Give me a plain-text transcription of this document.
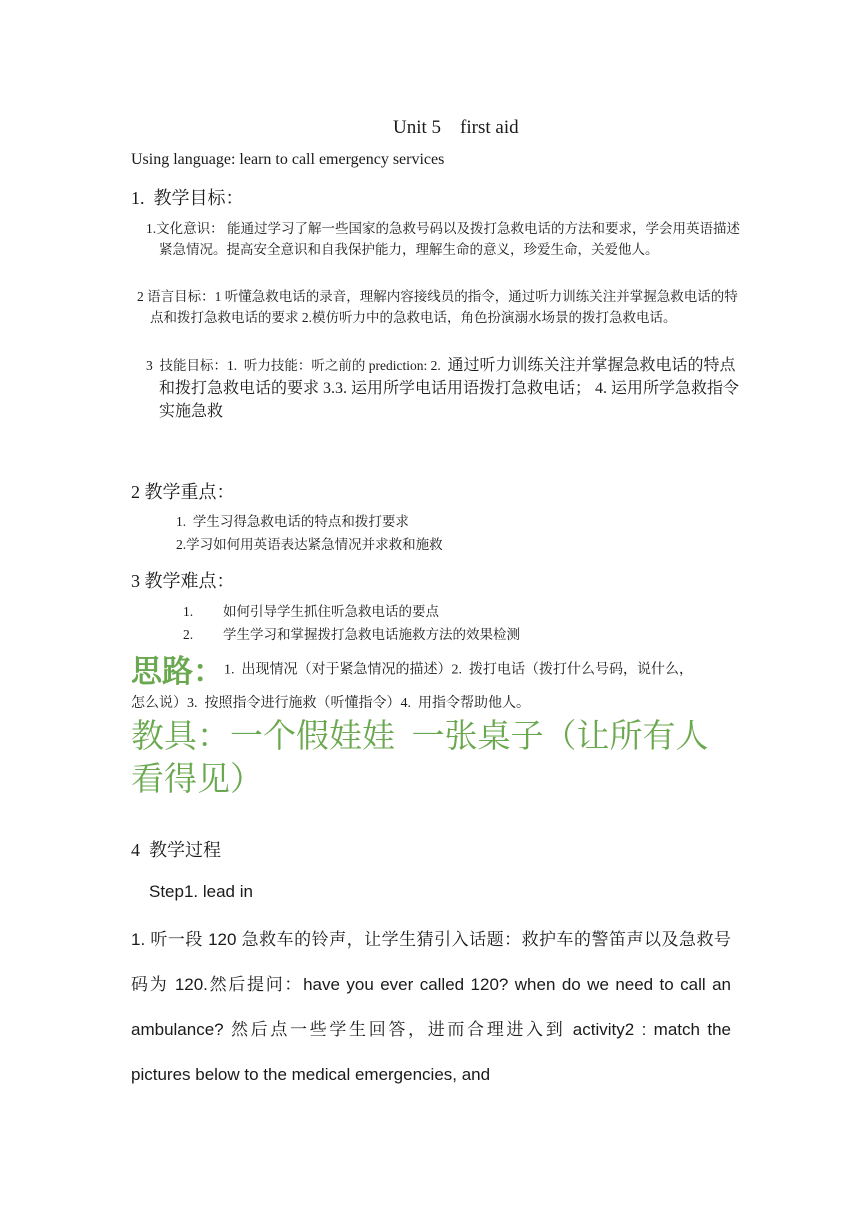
Unit 5    first aid
Using language: learn to call emergency services
1.  教学目标：
1.文化意识： 能通过学习了解一些国家的急救号码以及拨打急救电话的方法和要求，学会用英语描述紧急情况。提高安全意识和自我保护能力，理解生命的意义，珍爱生命，关爱他人。
2 语言目标：1 听懂急救电话的录音，理解内容接线员的指令，通过听力训练关注并掌握急救电话的特点和拨打急救电话的要求 2.模仿听力中的急救电话，角色扮演溺水场景的拨打急救电话。
3  技能目标：1.  听力技能：听之前的 prediction: 2.  通过听力训练关注并掌握急救电话的特点和拨打急救电话的要求 3.3. 运用所学电话用语拨打急救电话； 4. 运用所学急救指令实施急救
2 教学重点：
1.  学生习得急救电话的特点和拨打要求
2.学习如何用英语表达紧急情况并求救和施救
3 教学难点：
1. 如何引导学生抓住听急救电话的要点
2. 学生学习和掌握拨打急救电话施救方法的效果检测
思路：1.  出现情况（对于紧急情况的描述）2.  拨打电话（拨打什么号码，说什么，
怎么说）3.  按照指令进行施救（听懂指令）4.  用指令帮助他人。
教具：一个假娃娃  一张桌子（让所有人
看得见）
4  教学过程
Step1. lead in
1. 听一段 120 急救车的铃声，让学生猜引入话题：救护车的警笛声以及急救号码为 120.然后提问：have you ever called 120? when do we need to call an ambulance? 然后点一些学生回答，进而合理进入到 activity2 : match the pictures below to the medical emergencies, and
